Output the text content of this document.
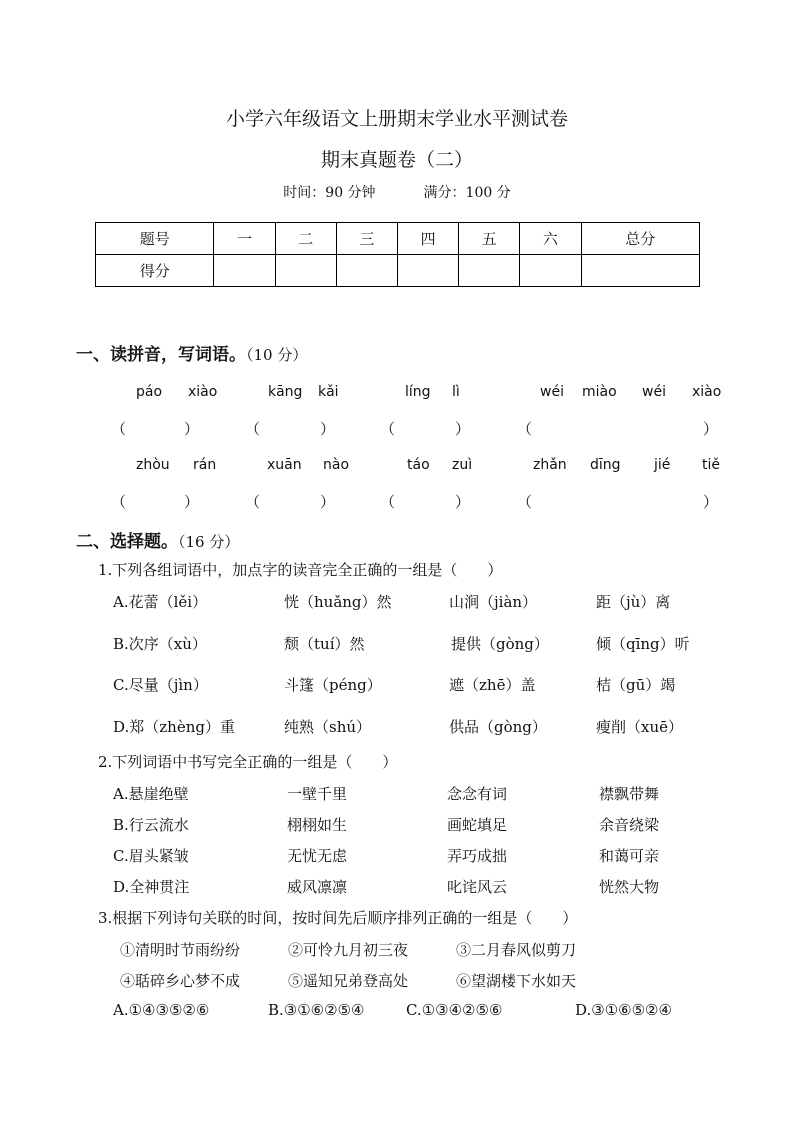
小学六年级语文上册期末学业水平测试卷
期末真题卷（二）
时间：90 分钟	满分：100 分
题号	一	二	三	四	五	六	总分
得分							
一、读拼音，写词语。（10 分）
páo xiào	kāng kǎi	líng lì	wéi miào wéi xiào
（	）	（	）	（	）	（	）
zhòu rán	xuān nào	táo zuì	zhǎn dīng jié tiě
（	）	（	）	（	）	（	）
二、选择题。（16 分）
1.下列各组词语中，加点字的读音完全正确的一组是（　　）
A.花蕾（lěi）	恍（huǎng）然	山涧（jiàn）	距（jù）离
B.次序（xù）	颓（tuí）然	提供（gòng）	倾（qīng）听
C.尽量（jìn）	斗篷（péng）	遮（zhē）盖	桔（gū）竭
D.郑（zhèng）重	纯熟（shú）	供品（gòng）	瘦削（xuē）
2.下列词语中书写完全正确的一组是（　　）
A.悬崖绝壁	一壁千里	念念有词	襟飘带舞
B.行云流水	栩栩如生	画蛇填足	余音绕梁
C.眉头紧皱	无忧无虑	弄巧成拙	和蔼可亲
D.全神贯注	威风凛凛	叱诧风云	恍然大物
3.根据下列诗句关联的时间，按时间先后顺序排列正确的一组是（　　）
①清明时节雨纷纷	②可怜九月初三夜	③二月春风似剪刀
④聒碎乡心梦不成	⑤遥知兄弟登高处	⑥望湖楼下水如天
A.①④③⑤②⑥	B.③①⑥②⑤④	C.①③④②⑤⑥	D.③①⑥⑤②④
